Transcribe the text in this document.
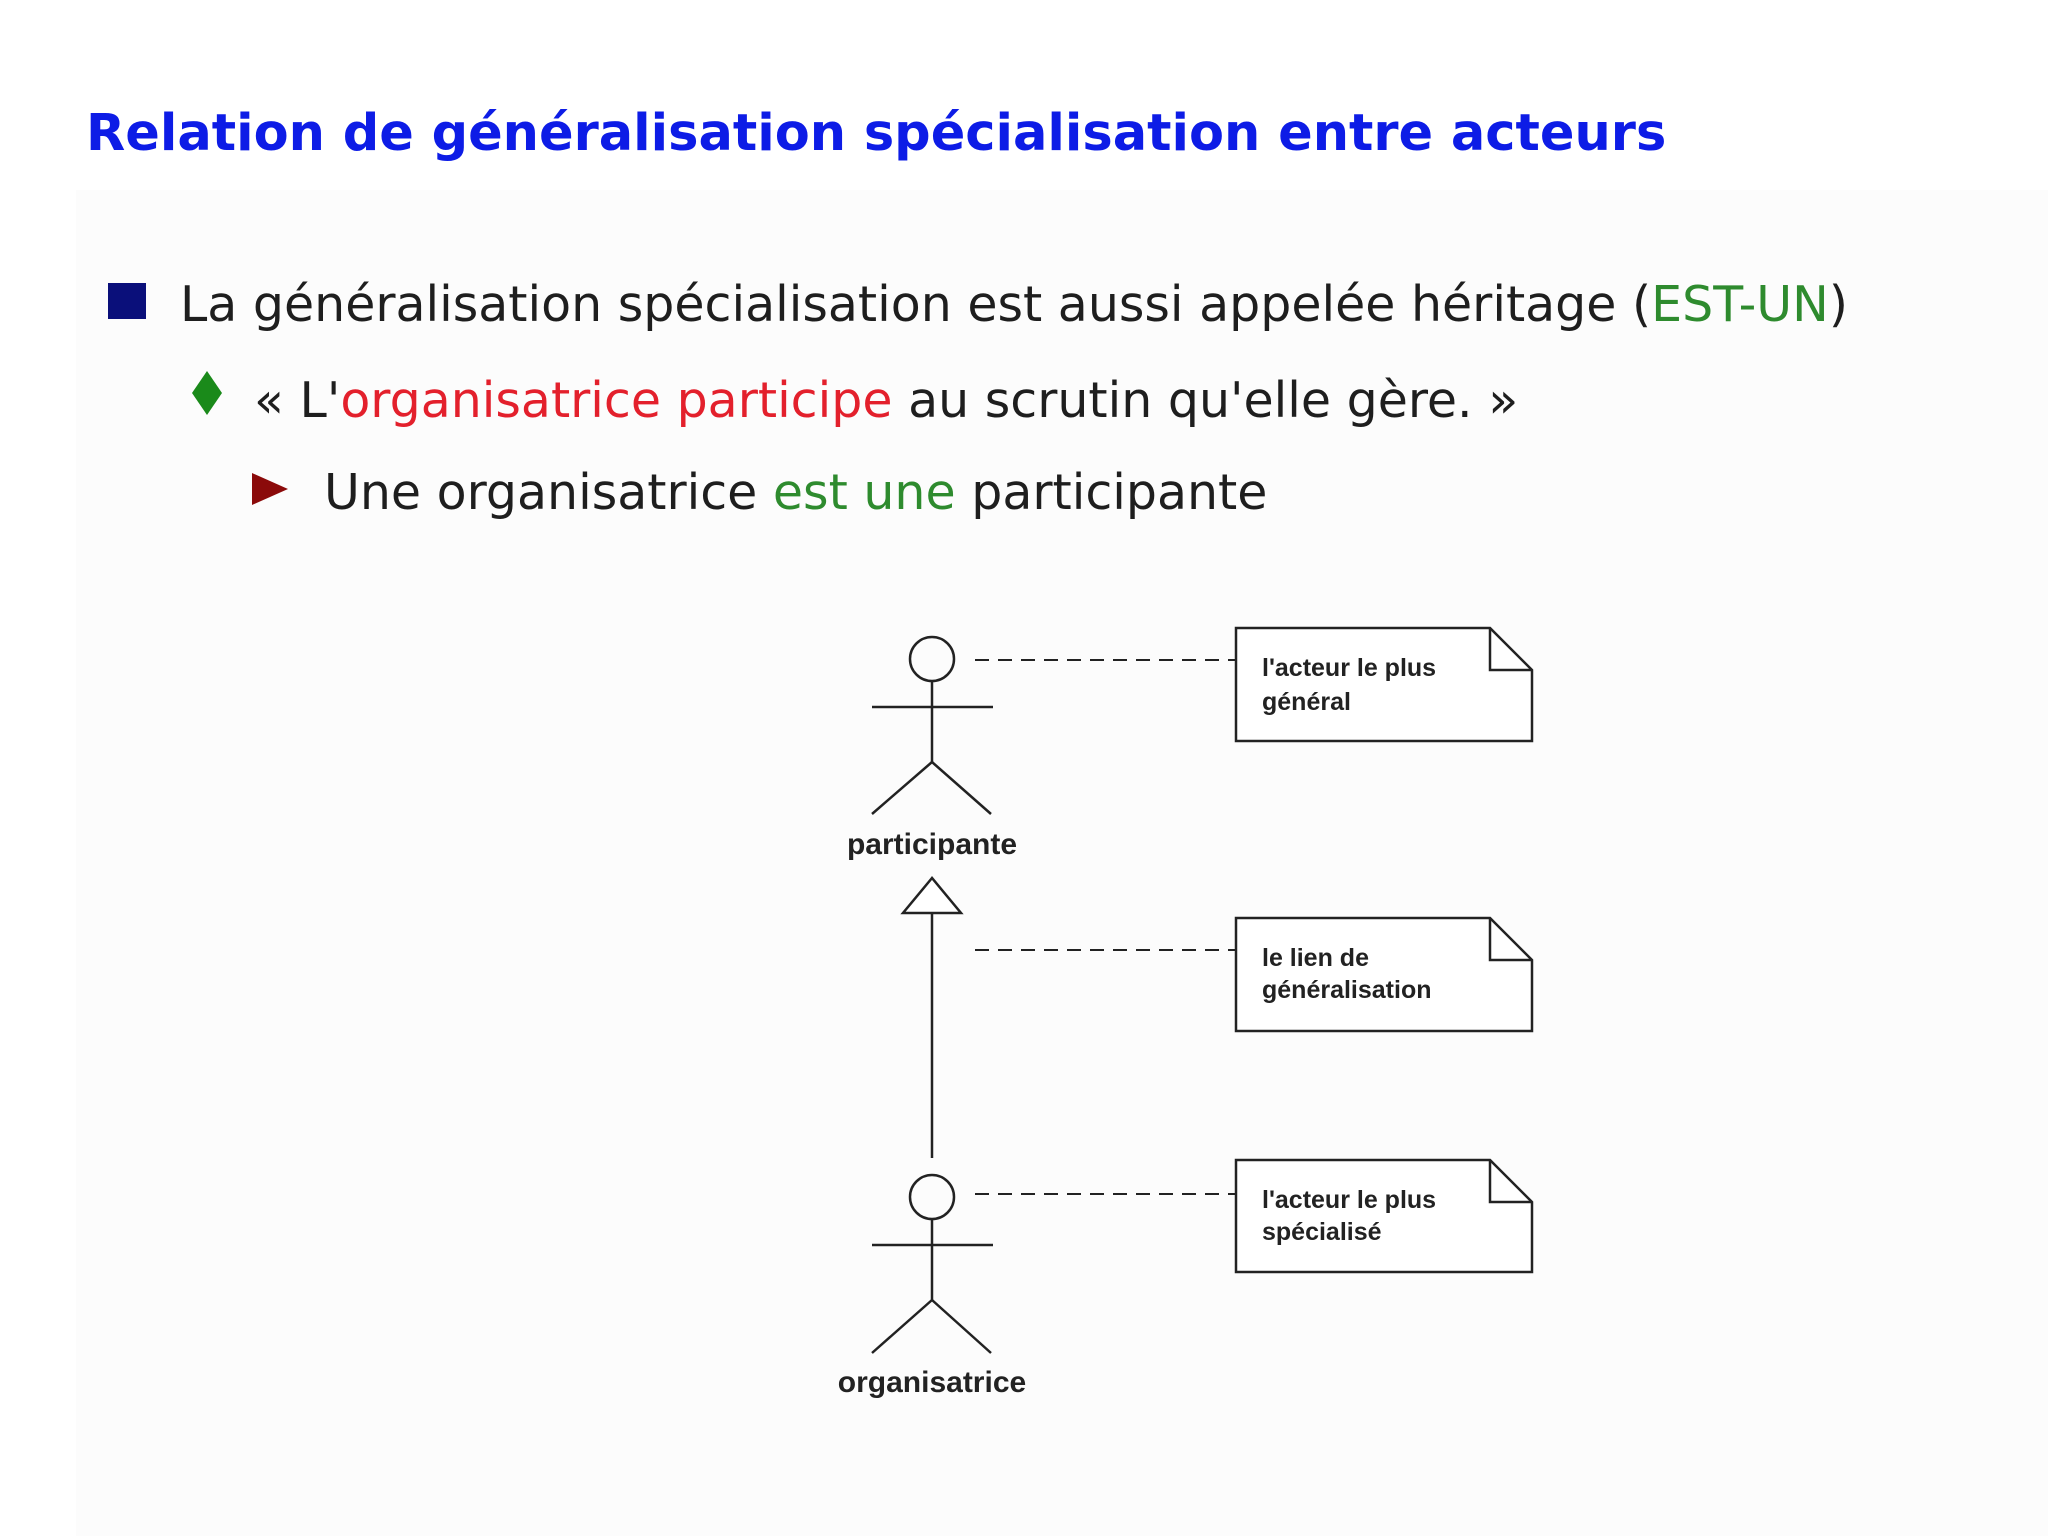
Relation de généralisation spécialisation entre acteurs
La généralisation spécialisation est aussi appelée héritage (EST-UN)
« L'organisatrice participe au scrutin qu'elle gère. »
Une organisatrice est une participante
participante
organisatrice
l'acteur le plus
général
le lien de
généralisation
l'acteur le plus
spécialisé
